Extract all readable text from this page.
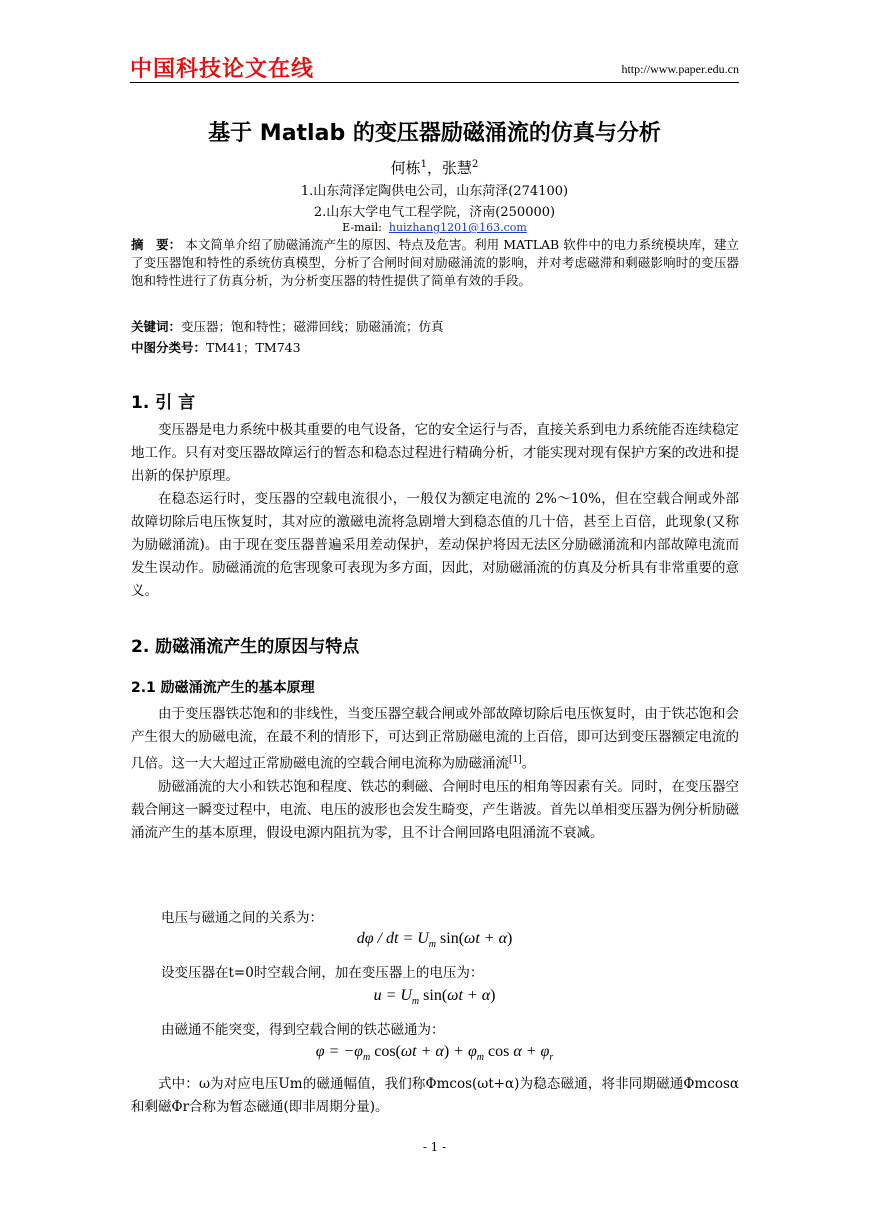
中国科技论文在线	http://www.paper.edu.cn
基于 Matlab 的变压器励磁涌流的仿真与分析
何栋$^1$，张慧$^2$
1.山东菏泽定陶供电公司，山东菏泽(274100)
2.山东大学电气工程学院，济南(250000)
E-mail: huizhang1201@163.com
摘　要： 本文简单介绍了励磁涌流产生的原因、特点及危害。利用 MATLAB 软件中的电力系统模块库，建立了变压器饱和特性的系统仿真模型，分析了合闸时间对励磁涌流的影响，并对考虑磁滞和剩磁影响时的变压器饱和特性进行了仿真分析，为分析变压器的特性提供了简单有效的手段。
关键词：变压器；饱和特性；磁滞回线；励磁涌流；仿真
中图分类号：TM41；TM743
1. 引 言

变压器是电力系统中极其重要的电气设备，它的安全运行与否，直接关系到电力系统能否连续稳定地工作。只有对变压器故障运行的暂态和稳态过程进行精确分析，才能实现对现有保护方案的改进和提出新的保护原理。

在稳态运行时，变压器的空载电流很小，一般仅为额定电流的 2%～10%，但在空载合闸或外部故障切除后电压恢复时，其对应的激磁电流将急剧增大到稳态值的几十倍，甚至上百倍，此现象(又称为励磁涌流)。由于现在变压器普遍采用差动保护，差动保护将因无法区分励磁涌流和内部故障电流而发生误动作。励磁涌流的危害现象可表现为多方面，因此，对励磁涌流的仿真及分析具有非常重要的意义。

2. 励磁涌流产生的原因与特点
2.1 励磁涌流产生的基本原理

由于变压器铁芯饱和的非线性，当变压器空载合闸或外部故障切除后电压恢复时，由于铁芯饱和会产生很大的励磁电流，在最不利的情形下，可达到正常励磁电流的上百倍，即可达到变压器额定电流的几倍。这一大大超过正常励磁电流的空载合闸电流称为励磁涌流[1]。

励磁涌流的大小和铁芯饱和程度、铁芯的剩磁、合闸时电压的相角等因素有关。同时，在变压器空载合闸这一瞬变过程中，电流、电压的波形也会发生畸变，产生谐波。首先以单相变压器为例分析励磁涌流产生的基本原理，假设电源内阻抗为零，且不计合闸回路电阻涌流不衰减。

电压与磁通之间的关系为：
dφ / dt = $U_m$ sin(ωt + α)
设变压器在t=0时空载合闸，加在变压器上的电压为：
$u = U_m$ sin(ωt + α)
由磁通不能突变，得到空载合闸的铁芯磁通为：
$\varphi = -\varphi_m$ $\cos(\omega t + \alpha) + \varphi_m$ $\cos \alpha + \varphi_r$

式中：ω为对应电压Um的磁通幅值，我们称Φmcos(ωt+α)为稳态磁通，将非同期磁通Φmcosα和剩磁Φr合称为暂态磁通(即非周期分量)。

- 1 -
